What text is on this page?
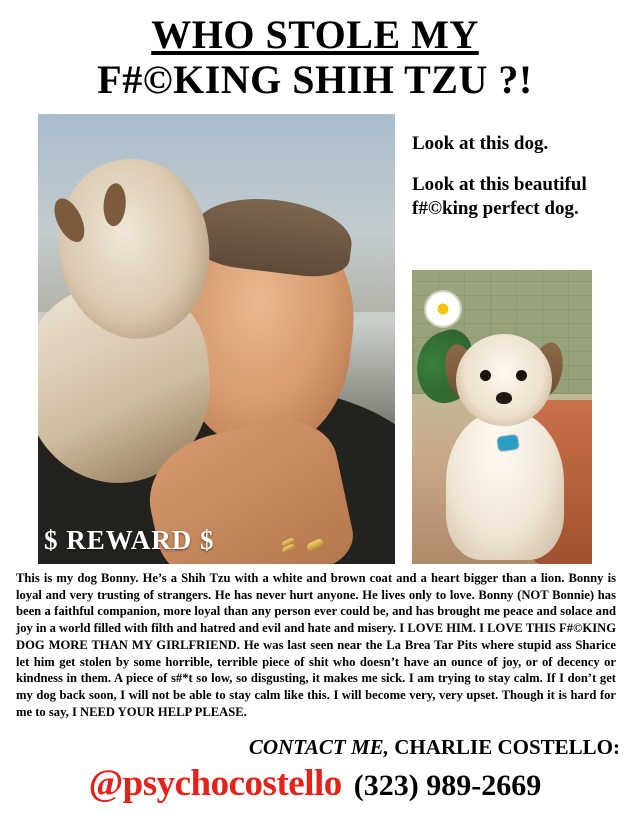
WHO STOLE MY
F#©KING SHIH TZU ?!
$ REWARD $

Look at this dog.

Look at this beautiful f#©king perfect dog.

This is my dog Bonny. He’s a Shih Tzu with a white and brown coat and a heart bigger than a lion. Bonny is loyal and very trusting of strangers. He has never hurt anyone. He lives only to love. Bonny (NOT Bonnie) has been a faithful companion, more loyal than any person ever could be, and has brought me peace and solace and joy in a world filled with filth and hatred and evil and hate and misery. I LOVE HIM. I LOVE THIS F#©KING DOG MORE THAN MY GIRLFRIEND. He was last seen near the La Brea Tar Pits where stupid ass Sharice let him get stolen by some horrible, terrible piece of shit who doesn’t have an ounce of joy, or of decency or kindness in them. A piece of s#*t so low, so disgusting, it makes me sick. I am trying to stay calm. If I don’t get my dog back soon, I will not be able to stay calm like this. I will become very, very upset. Though it is hard for me to say, I NEED YOUR HELP PLEASE.
CONTACT ME, CHARLIE COSTELLO:
@psychocostello (323) 989-2669
